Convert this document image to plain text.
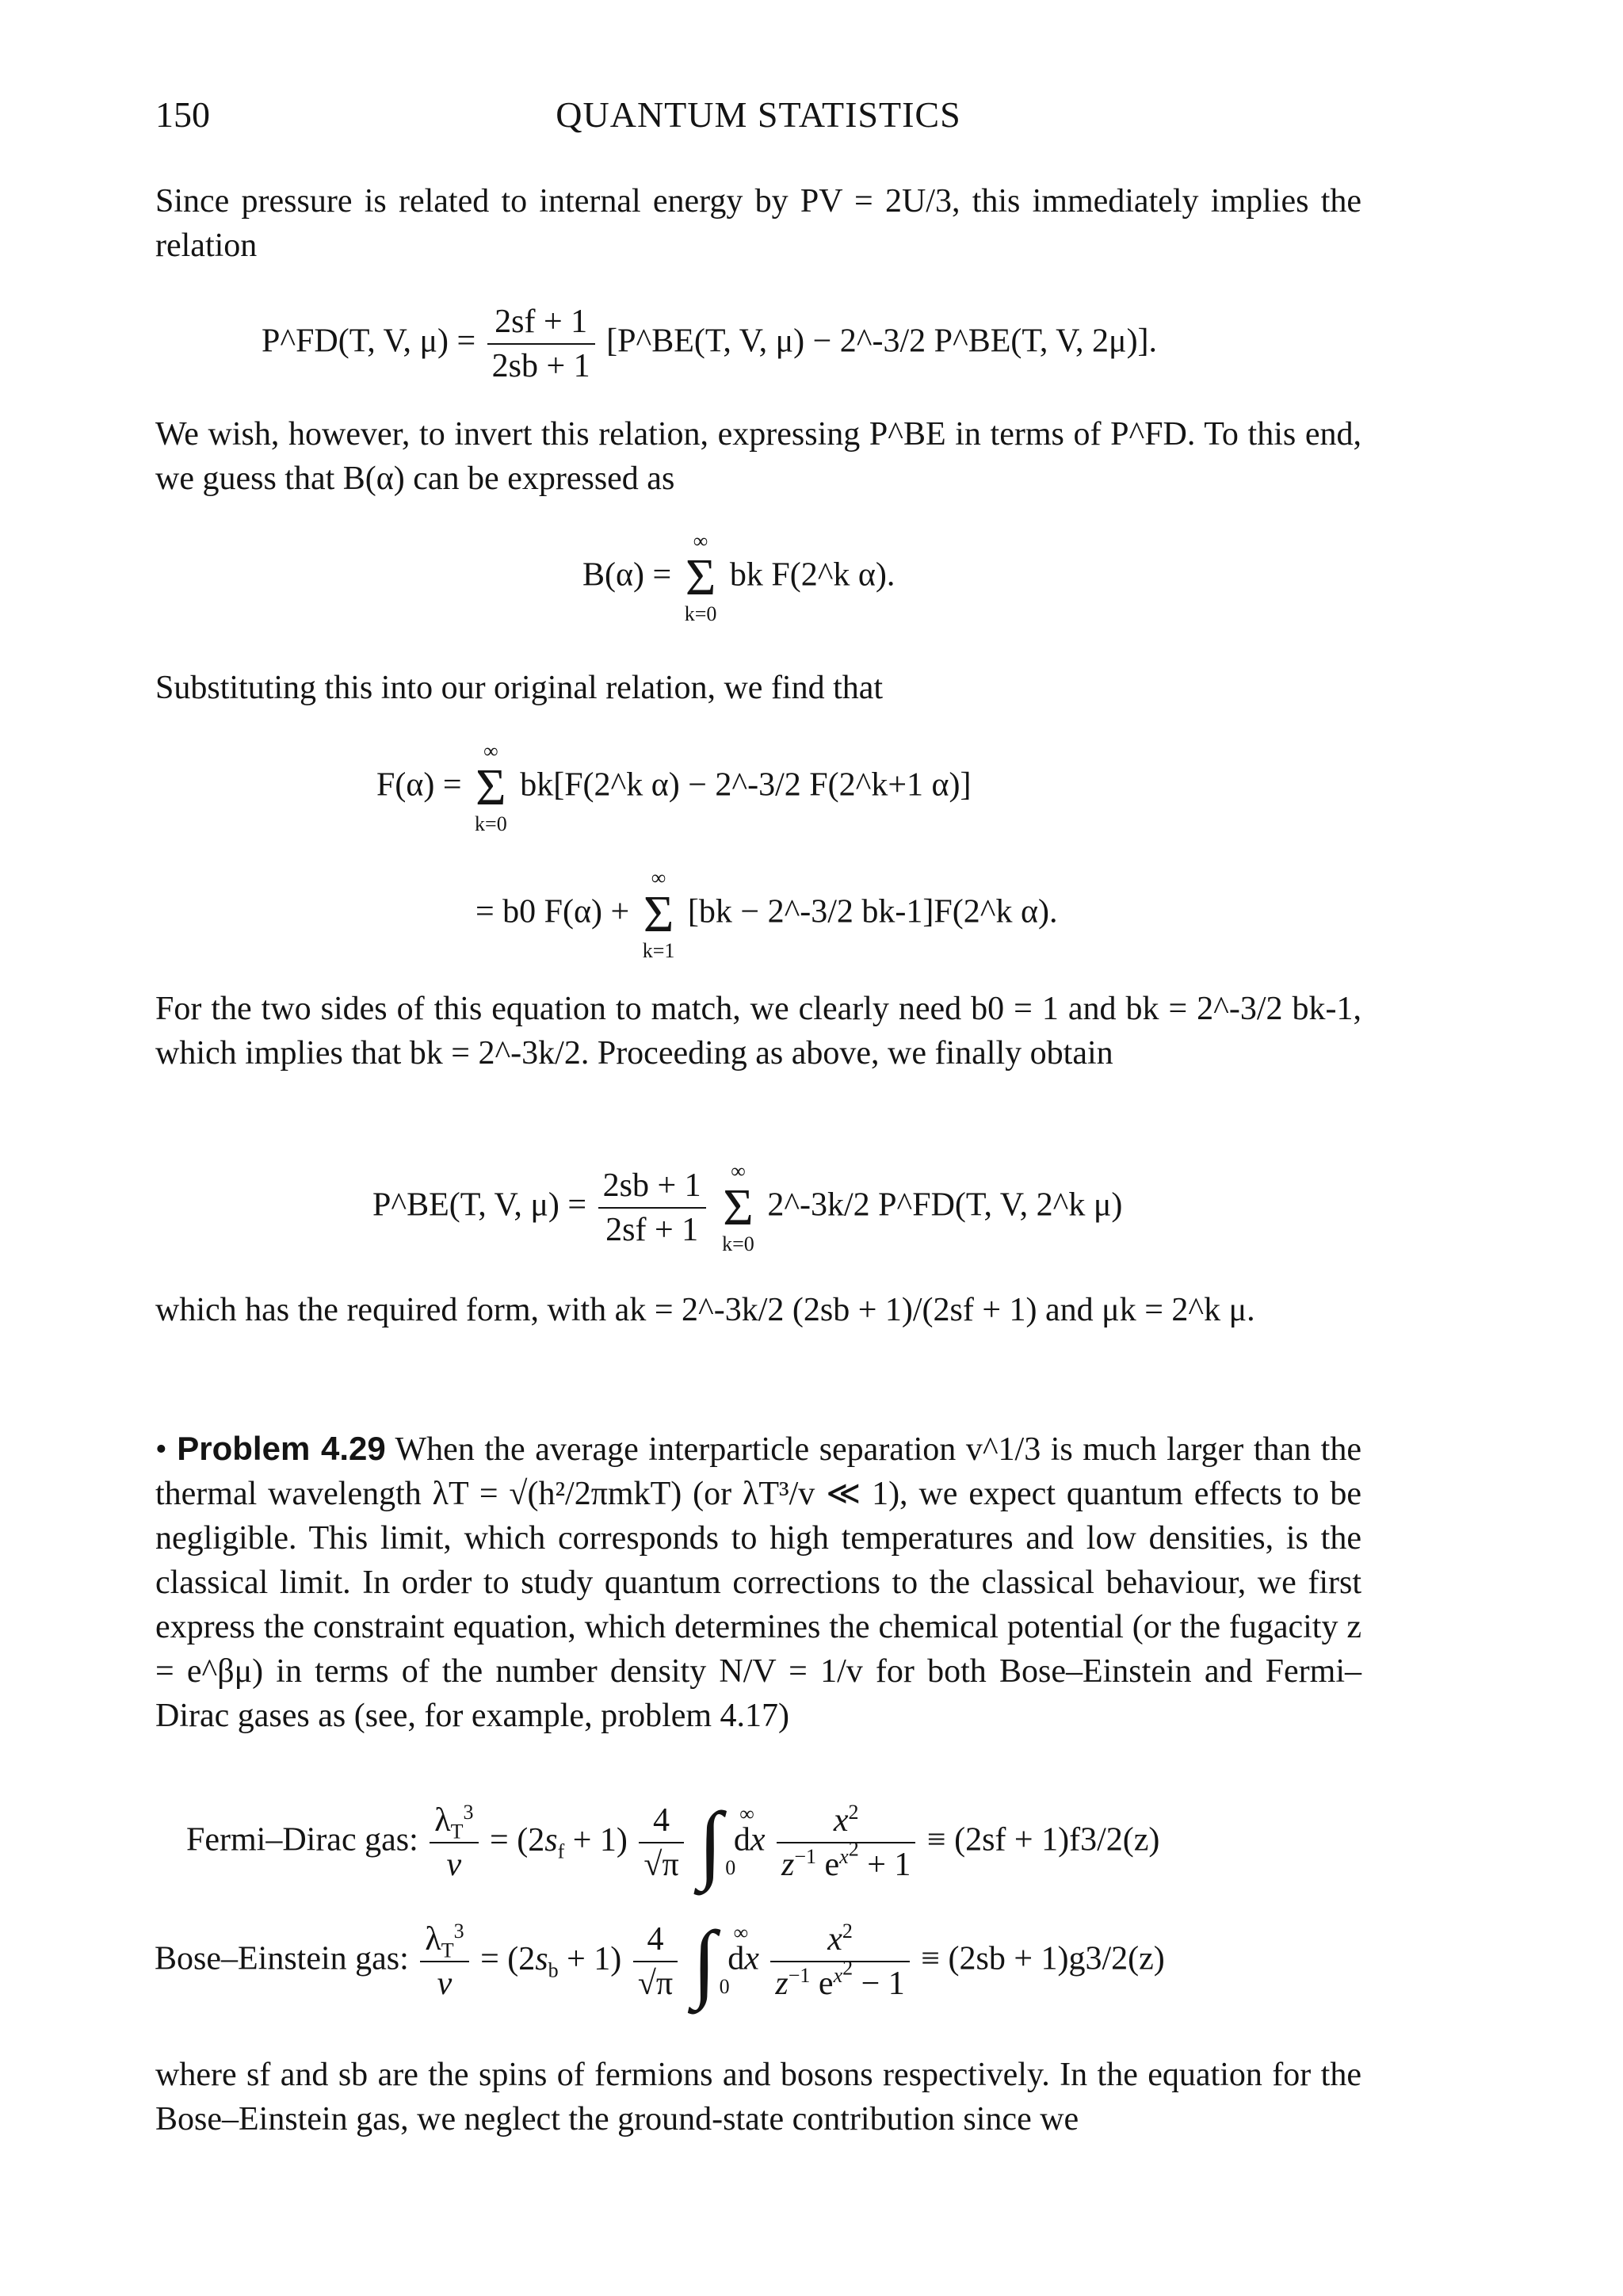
150	QUANTUM STATISTICS

Since pressure is related to internal energy by PV = 2U/3, this immediately implies the relation

P^FD(T, V, $\mu) = \frac{2sf + 1}{2sb + 1}$ [P^BE(T, V, μ) − 2^-3/2 P^BE(T, V, 2μ)].

We wish, however, to invert this relation, expressing P^BE in terms of P^FD. To this end, we guess that B(α) can be expressed as

B(α) =
∞
Σ
k=0
bk F(2^k α).

Substituting this into our original relation, we find that

F(α) =
∞
Σ
k=0
bk[F(2^k α) − 2^-3/2 F(2^k+1 α)]
= b0 F(α) +
∞
Σ
k=1
[bk − 2^-3/2 bk-1]F(2^k α).

For the two sides of this equation to match, we clearly need b0 = 1 and bk = 2^-3/2 bk-1, which implies that bk = 2^-3k/2. Proceeding as above, we finally obtain

P^BE(T, V, $\mu) = \frac{2sb + 1}{2sf + 1}$
	∞
Σ
k=0
2^-3k/2 P^FD(T, V, 2^k μ)

which has the required form, with ak = 2^-3k/2 (2sb + 1)/(2sf + 1) and μk = 2^k μ.

• Problem 4.29 When the average interparticle separation v^1/3 is much larger than the thermal wavelength λT = √(h²/2πmkT) (or λT³/v ≪ 1), we expect quantum effects to be negligible. This limit, which corresponds to high temperatures and low densities, is the classical limit. In order to study quantum corrections to the classical behaviour, we first express the constraint equation, which determines the chemical potential (or the fugacity z = e^βμ) in terms of the number density N/V = 1/v for both Bose–Einstein and Fermi–Dirac gases as (see, for example, problem 4.17)

Fermi–Dirac gas: $\frac{\lambda_T^3}{v} = (2s_f + 1) \frac{4}{√\pi}$ ∫ ∞
0
dx $\frac{x^2}{z^{-1} e^{x^2} + 1} \equiv (2sf + 1)f3/2(z)$
Bose–Einstein gas: $\frac{\lambda_T^3}{v} = (2s_b + 1) \frac{4}{√\pi}$ ∫ ∞
0
dx $\frac{x^2}{z^{-1} e^{x^2} - 1} \equiv (2sb + 1)g3/2(z)$

where sf and sb are the spins of fermions and bosons respectively. In the equation for the Bose–Einstein gas, we neglect the ground-state contribution since we
